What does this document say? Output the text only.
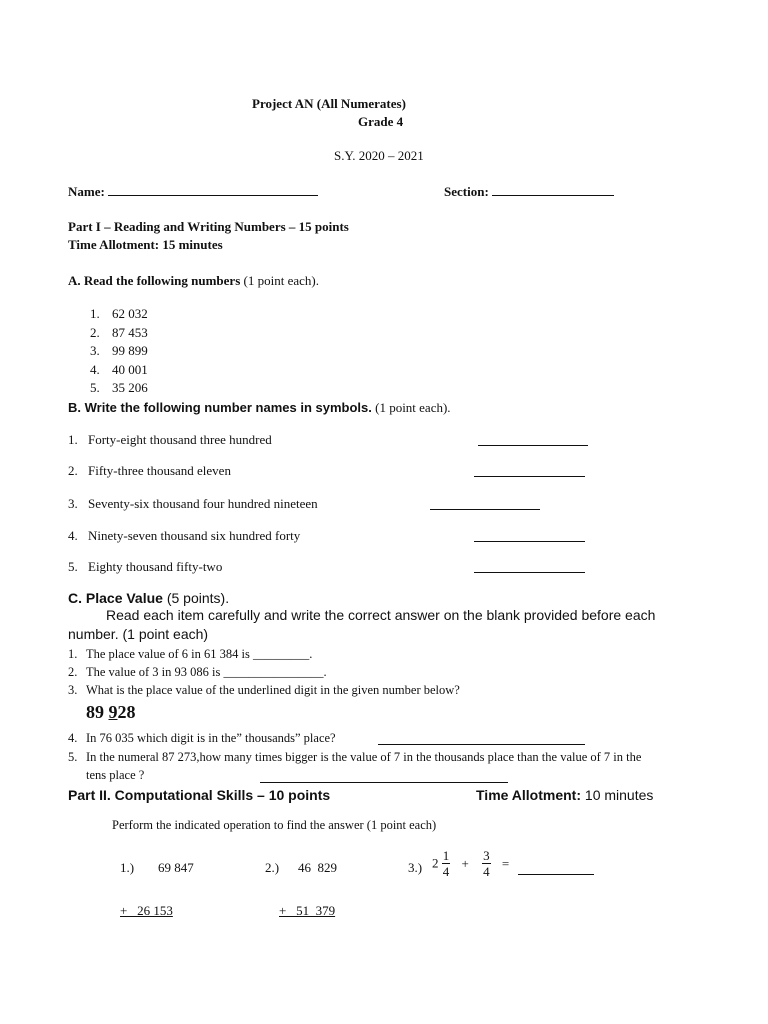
Project AN (All Numerates)
Grade 4
S.Y. 2020 – 2021
Name:	Section:
Part I – Reading and Writing Numbers – 15 points
Time Allotment: 15 minutes
A. Read the following numbers (1 point each).
1. 62 032
2. 87 453
3. 99 899
4. 40 001
5. 35 206
B. Write the following number names in symbols. (1 point each).
1. Forty-eight thousand three hundred
2. Fifty-three thousand eleven
3. Seventy-six thousand four hundred nineteen
4. Ninety-seven thousand six hundred forty
5. Eighty thousand fifty-two
C. Place Value (5 points).
Read each item carefully and write the correct answer on the blank provided before each
number. (1 point each)
1. The place value of 6 in 61 384 is _________.
2. The value of 3 in 93 086 is ________________.
3. What is the place value of the underlined digit in the given number below?
89 928
4. In 76 035 which digit is in the” thousands” place?
5. In the numeral 87 273,how many times bigger is the value of 7 in the thousands place than the value of 7 in the
tens place ?
Part II. Computational Skills – 10 points	Time Allotment: 10 minutes
Perform the indicated operation to find the answer (1 point each)
1.) 69 847
+   26 153
2.) 46  829
+   51  379
3.) $2 \frac{1}{4} + \frac{3}{4}$ =
